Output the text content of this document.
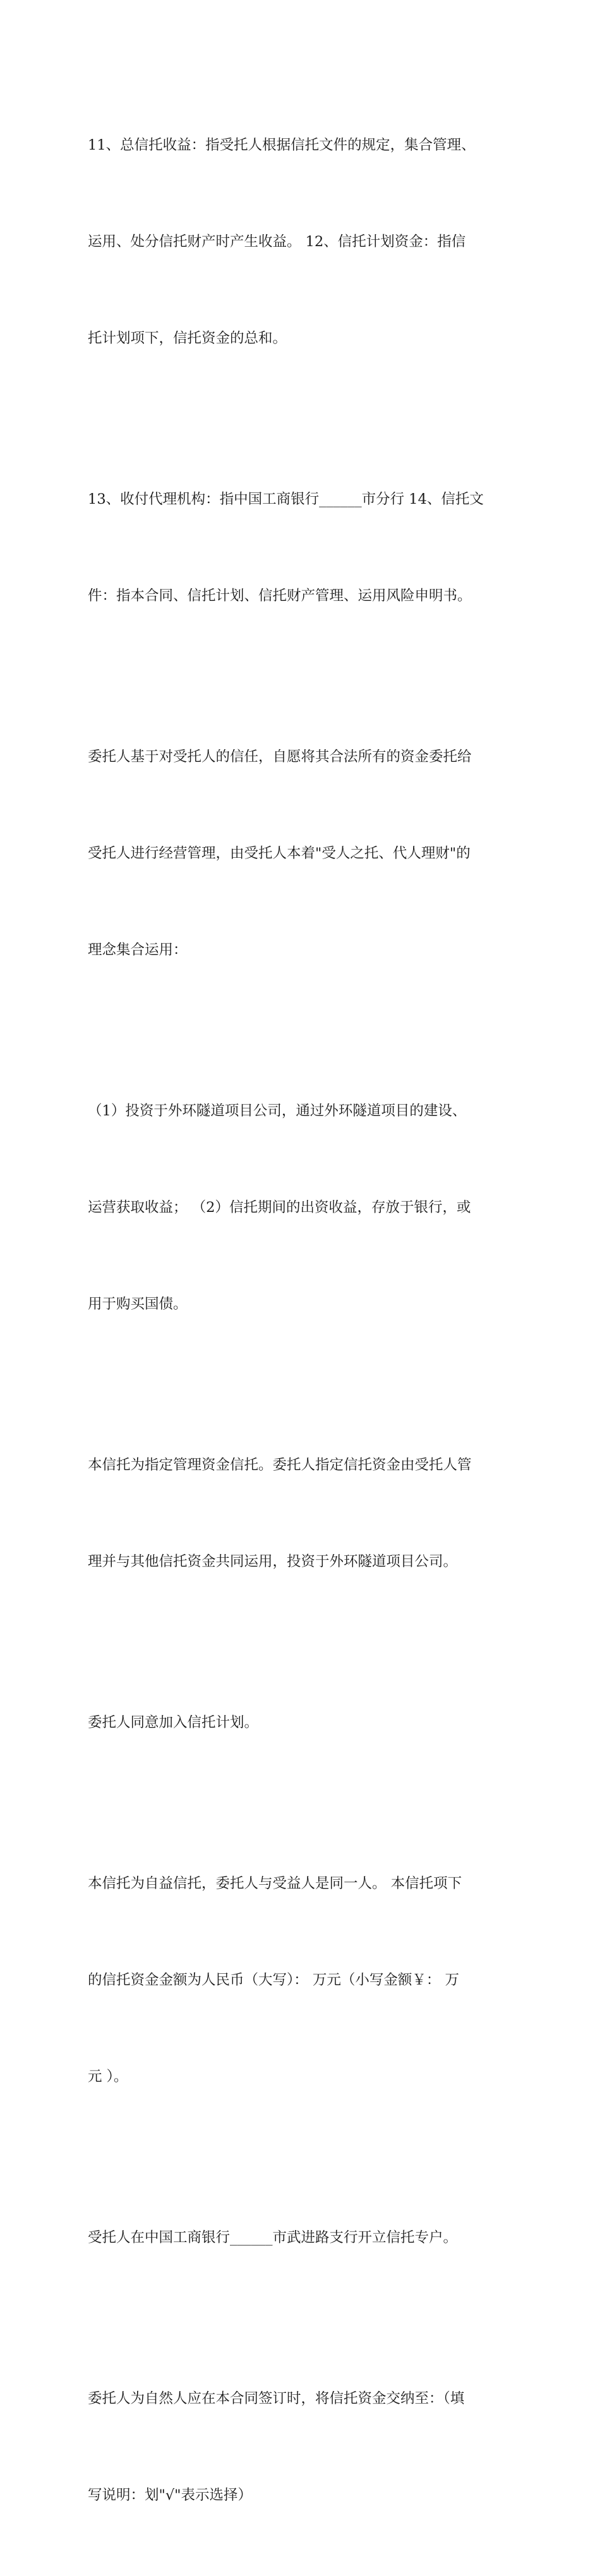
11、总信托收益：指受托人根据信托文件的规定，集合管理、

运用、处分信托财产时产生收益。 12、信托计划资金：指信

托计划项下，信托资金的总和。

13、收付代理机构：指中国工商银行______市分行 14、信托文

件：指本合同、信托计划、信托财产管理、运用风险申明书。

委托人基于对受托人的信任，自愿将其合法所有的资金委托给

受托人进行经营管理，由受托人本着"受人之托、代人理财"的

理念集合运用：

（1）投资于外环隧道项目公司，通过外环隧道项目的建设、

运营获取收益； （2）信托期间的出资收益，存放于银行，或

用于购买国债。

本信托为指定管理资金信托。委托人指定信托资金由受托人管

理并与其他信托资金共同运用，投资于外环隧道项目公司。

委托人同意加入信托计划。

本信托为自益信托，委托人与受益人是同一人。 本信托项下

的信托资金金额为人民币（大写）： 万元（小写金额￥： 万

元 ）。

受托人在中国工商银行______市武进路支行开立信托专户。

委托人为自然人应在本合同签订时，将信托资金交纳至：（填

写说明：划"√"表示选择）
